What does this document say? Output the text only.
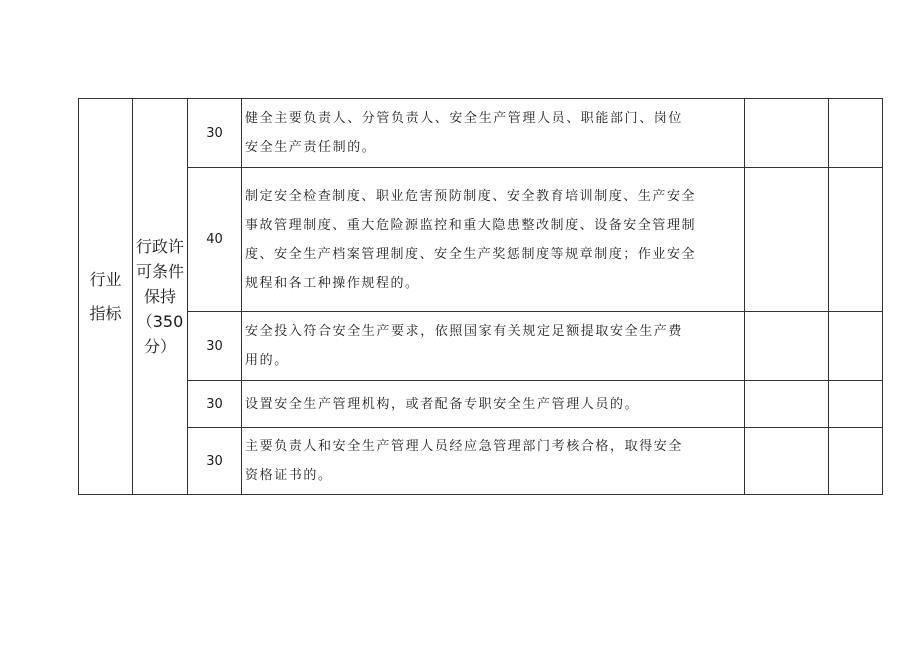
行业
指标	行政许
可条件
保持
（350
分）	30	健全主要负责人、分管负责人、安全生产管理人员、职能部门、岗位
安全生产责任制的。		

		40	制定安全检查制度、职业危害预防制度、安全教育培训制度、生产安全
事故管理制度、重大危险源监控和重大隐患整改制度、设备安全管理制
度、安全生产档案管理制度、安全生产奖惩制度等规章制度；作业安全
规程和各工种操作规程的。		

		30	安全投入符合安全生产要求，依照国家有关规定足额提取安全生产费
用的。		

		30	设置安全生产管理机构，或者配备专职安全生产管理人员的。		

		30	主要负责人和安全生产管理人员经应急管理部门考核合格，取得安全
资格证书的。		
